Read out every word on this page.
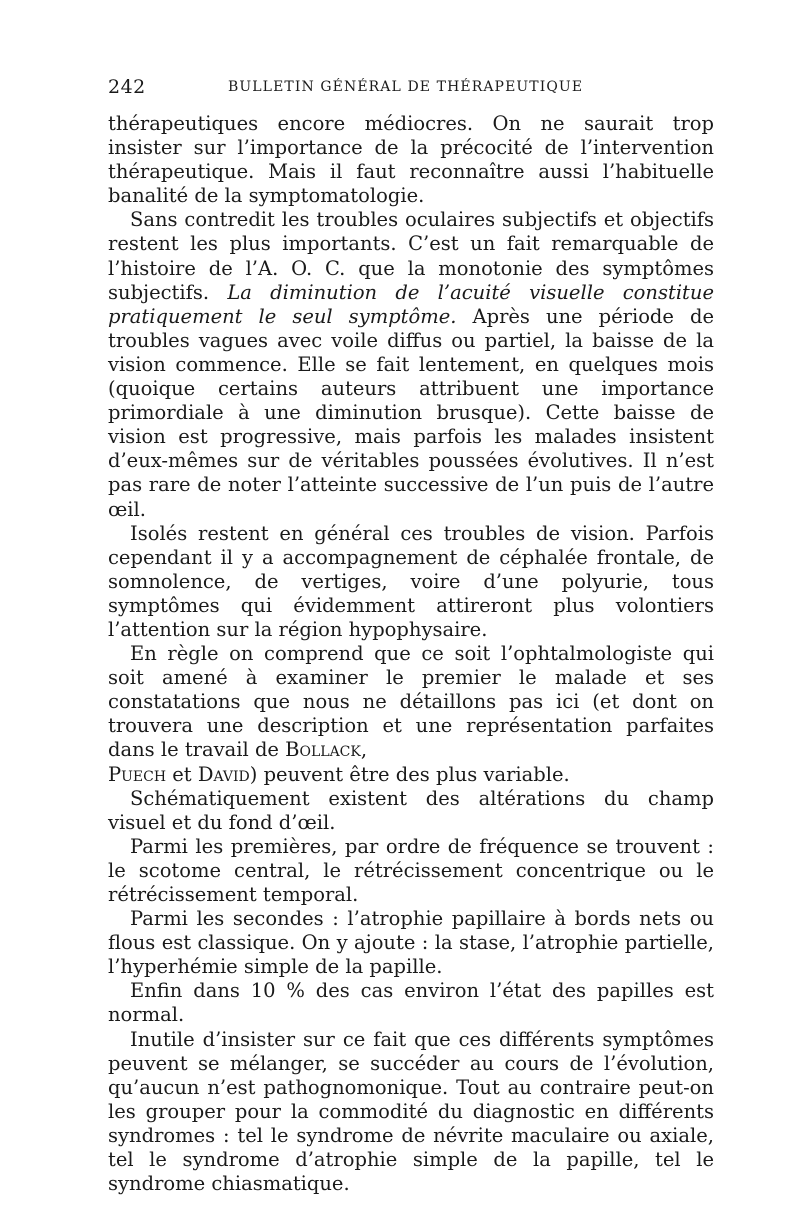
242	BULLETIN GÉNÉRAL DE THÉRAPEUTIQUE

thérapeutiques encore médiocres. On ne saurait trop insister sur l’importance de la précocité de l’intervention thérapeutique. Mais il faut reconnaître aussi l’habituelle banalité de la symptomatologie.

Sans contredit les troubles oculaires subjectifs et objectifs restent les plus importants. C’est un fait remarquable de l’histoire de l’A. O. C. que la monotonie des symptômes subjectifs. La diminution de l’acuité visuelle constitue pratiquement le seul symptôme. Après une période de troubles vagues avec voile diffus ou partiel, la baisse de la vision commence. Elle se fait lentement, en quelques mois (quoique certains auteurs attribuent une importance primordiale à une diminution brusque). Cette baisse de vision est progressive, mais parfois les malades insistent d’eux-mêmes sur de véritables poussées évolutives. Il n’est pas rare de noter l’atteinte successive de l’un puis de l’autre œil.

Isolés restent en général ces troubles de vision. Parfois cependant il y a accompagnement de céphalée frontale, de somnolence, de vertiges, voire d’une polyurie, tous symptômes qui évidemment attireront plus volontiers l’attention sur la région hypophysaire.

En règle on comprend que ce soit l’ophtalmologiste qui soit amené à examiner le premier le malade et ses constatations que nous ne détaillons pas ici (et dont on trouvera une description et une représentation parfaites dans le travail de Bollack,
Puech et David) peuvent être des plus variable.

Schématiquement existent des altérations du champ visuel et du fond d’œil.

Parmi les premières, par ordre de fréquence se trouvent : le scotome central, le rétrécissement concentrique ou le rétrécissement temporal.

Parmi les secondes : l’atrophie papillaire à bords nets ou flous est classique. On y ajoute : la stase, l’atrophie partielle, l’hyperhémie simple de la papille.

Enfin dans 10 % des cas environ l’état des papilles est normal.

Inutile d’insister sur ce fait que ces différents symptômes peuvent se mélanger, se succéder au cours de l’évolution, qu’aucun n’est pathognomonique. Tout au contraire peut-on les grouper pour la commodité du diagnostic en différents syndromes : tel le syndrome de névrite maculaire ou axiale, tel le syndrome d’atrophie simple de la papille, tel le syndrome chiasmatique.
